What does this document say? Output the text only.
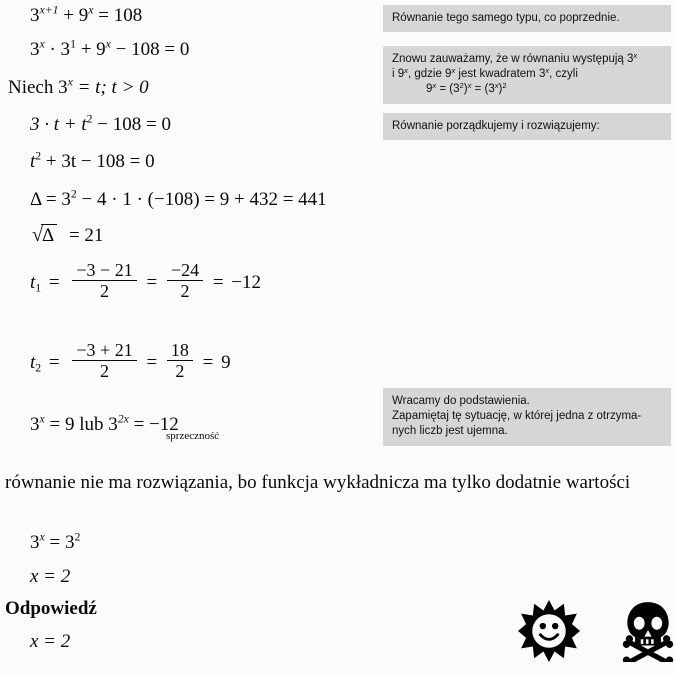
$3^{x+1} + 9^x = 108$
$3^x \cdot 3^1 + 9^x - 108 = 0$
Niech $3^x = t$; t > 0
$3 \cdot t + t^2 - 108 = 0$
$t^2 + 3t - 108 = 0$
$\Delta = 3^2 - 4 \cdot 1 \cdot (-108) = 9 + 432 = 441$
√Δ = 21
$t_1 = \frac{-3 - 21}{2} = \frac{-24}{2} = -12$
$t_2 = \frac{-3 + 21}{2} = \frac{18}{2} = 9$
$3^x = 9$ lub $3^{2x} = -12$
sprzeczność
Równanie tego samego typu, co poprzednie.
Znowu zauważamy, że w równaniu występują 3$^x$
i 9$^x$, gdzie 9$^x$ jest kwadratem 3$^x$, czyli
$9^x = (3^2)^x = (3^x)^2$
Równanie porządkujemy i rozwiązujemy:
Wracamy do podstawienia.
Zapamiętaj tę sytuację, w której jedna z otrzyma-
nych liczb jest ujemna.
równanie nie ma rozwiązania, bo funkcja wykładnicza ma tylko dodatnie wartości
$3^x = 3^2$
x = 2
Odpowiedź
x = 2
